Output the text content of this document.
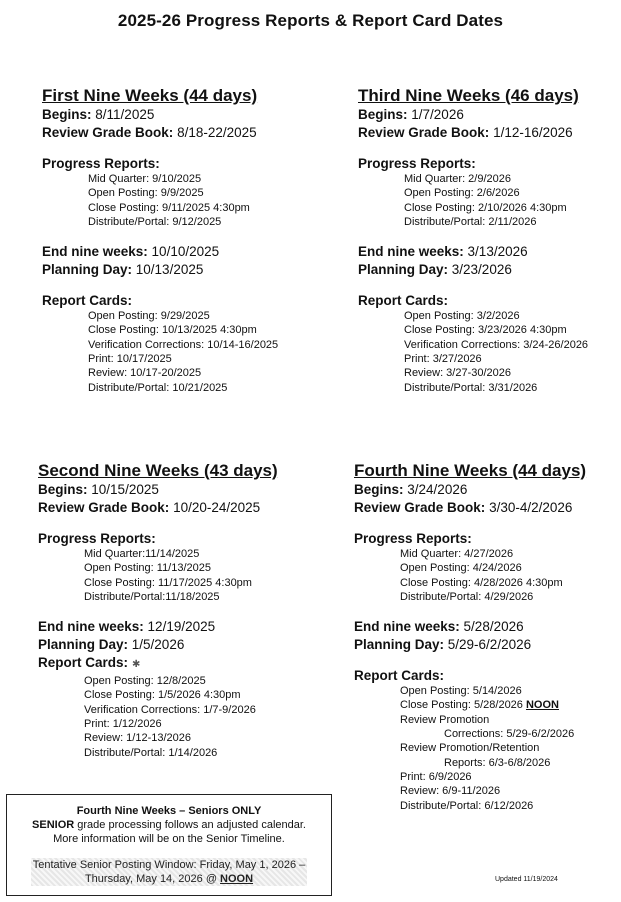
2025-26 Progress Reports & Report Card Dates
First Nine Weeks (44 days)
Begins: 8/11/2025
Review Grade Book: 8/18-22/2025
Progress Reports:
Mid Quarter: 9/10/2025
Open Posting: 9/9/2025
Close Posting: 9/11/2025 4:30pm
Distribute/Portal: 9/12/2025
End nine weeks: 10/10/2025
Planning Day: 10/13/2025
Report Cards:
Open Posting: 9/29/2025
Close Posting: 10/13/2025 4:30pm
Verification Corrections: 10/14-16/2025
Print: 10/17/2025
Review: 10/17-20/2025
Distribute/Portal: 10/21/2025
Third Nine Weeks (46 days)
Begins: 1/7/2026
Review Grade Book: 1/12-16/2026
Progress Reports:
Mid Quarter: 2/9/2026
Open Posting: 2/6/2026
Close Posting: 2/10/2026 4:30pm
Distribute/Portal: 2/11/2026
End nine weeks: 3/13/2026
Planning Day: 3/23/2026
Report Cards:
Open Posting: 3/2/2026
Close Posting: 3/23/2026 4:30pm
Verification Corrections: 3/24-26/2026
Print: 3/27/2026
Review: 3/27-30/2026
Distribute/Portal: 3/31/2026
Second Nine Weeks (43 days)
Begins: 10/15/2025
Review Grade Book: 10/20-24/2025
Progress Reports:
Mid Quarter:11/14/2025
Open Posting: 11/13/2025
Close Posting: 11/17/2025 4:30pm
Distribute/Portal:11/18/2025
End nine weeks: 12/19/2025
Planning Day: 1/5/2026
Report Cards: ✱
Open Posting: 12/8/2025
Close Posting: 1/5/2026 4:30pm
Verification Corrections: 1/7-9/2026
Print: 1/12/2026
Review: 1/12-13/2026
Distribute/Portal: 1/14/2026
Fourth Nine Weeks (44 days)
Begins: 3/24/2026
Review Grade Book: 3/30-4/2/2026
Progress Reports:
Mid Quarter: 4/27/2026
Open Posting: 4/24/2026
Close Posting: 4/28/2026 4:30pm
Distribute/Portal: 4/29/2026
End nine weeks: 5/28/2026
Planning Day: 5/29-6/2/2026
Report Cards:
Open Posting: 5/14/2026
Close Posting: 5/28/2026 NOON
Review Promotion
Corrections: 5/29-6/2/2026
Review Promotion/Retention
Reports: 6/3-6/8/2026
Print: 6/9/2026
Review: 6/9-11/2026
Distribute/Portal: 6/12/2026
Fourth Nine Weeks – Seniors ONLY
SENIOR grade processing follows an adjusted calendar.
More information will be on the Senior Timeline.
Tentative Senior Posting Window: Friday, May 1, 2026 –
Thursday, May 14, 2026 @ NOON	Updated 11/19/2024
